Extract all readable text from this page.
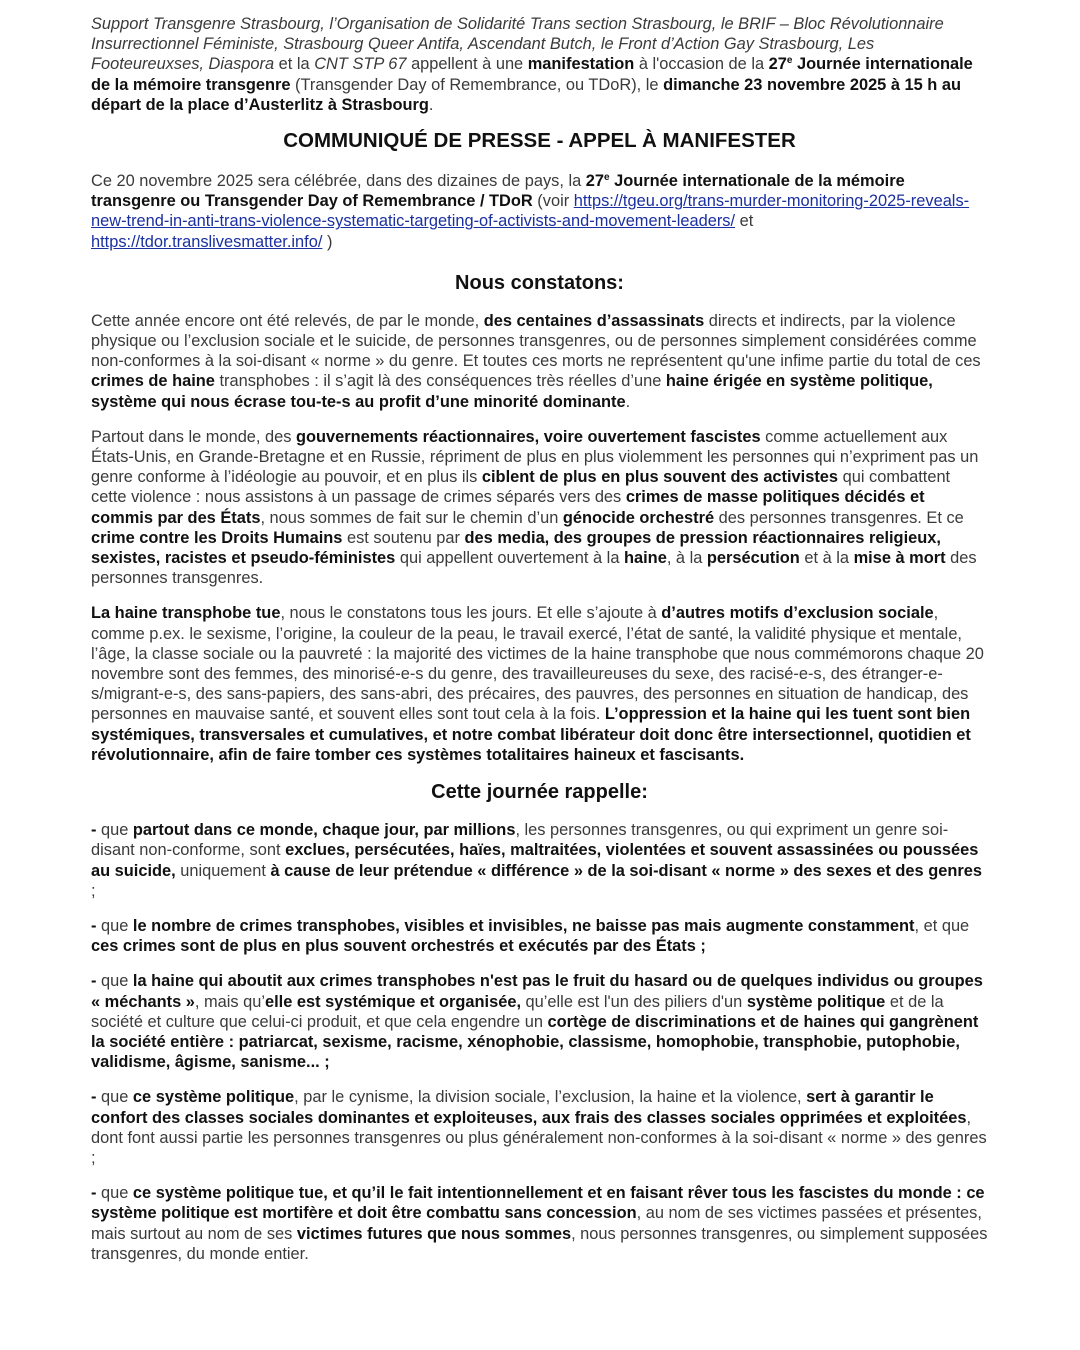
Support Transgenre Strasbourg, l’Organisation de Solidarité Trans section Strasbourg, le BRIF – Bloc Révolutionnaire Insurrectionnel Féministe, Strasbourg Queer Antifa, Ascendant Butch, le Front d’Action Gay Strasbourg, Les Footeureuxses, Diaspora et la CNT STP 67 appellent à une manifestation à l'occasion de la 27e Journée internationale de la mémoire transgenre (Transgender Day of Remembrance, ou TDoR), le dimanche 23 novembre 2025 à 15 h au départ de la place d’Austerlitz à Strasbourg.

COMMUNIQUÉ DE PRESSE - APPEL À MANIFESTER

Ce 20 novembre 2025 sera célébrée, dans des dizaines de pays, la 27e Journée internationale de la mémoire transgenre ou Transgender Day of Remembrance / TDoR (voir https://tgeu.org/trans-murder-monitoring-2025-reveals-new-trend-in-anti-trans-violence-systematic-targeting-of-activists-and-movement-leaders/ et https://tdor.translivesmatter.info/ )

Nous constatons:

Cette année encore ont été relevés, de par le monde, des centaines d’assassinats directs et indirects, par la violence physique ou l’exclusion sociale et le suicide, de personnes transgenres, ou de personnes simplement considérées comme non-conformes à la soi-disant « norme » du genre. Et toutes ces morts ne représentent qu'une infime partie du total de ces crimes de haine transphobes : il s’agit là des conséquences très réelles d’une haine érigée en système politique, système qui nous écrase tou-te-s au profit d’une minorité dominante.

Partout dans le monde, des gouvernements réactionnaires, voire ouvertement fascistes comme actuellement aux États-Unis, en Grande-Bretagne et en Russie, répriment de plus en plus violemment les personnes qui n’expriment pas un genre conforme à l’idéologie au pouvoir, et en plus ils ciblent de plus en plus souvent des activistes qui combattent cette violence : nous assistons à un passage de crimes séparés vers des crimes de masse politiques décidés et commis par des États, nous sommes de fait sur le chemin d’un génocide orchestré des personnes transgenres. Et ce crime contre les Droits Humains est soutenu par des media, des groupes de pression réactionnaires religieux, sexistes, racistes et pseudo-féministes qui appellent ouvertement à la haine, à la persécution et à la mise à mort des personnes transgenres.

La haine transphobe tue, nous le constatons tous les jours. Et elle s’ajoute à d’autres motifs d’exclusion sociale, comme p.ex. le sexisme, l’origine, la couleur de la peau, le travail exercé, l’état de santé, la validité physique et mentale, l’âge, la classe sociale ou la pauvreté : la majorité des victimes de la haine transphobe que nous commémorons chaque 20 novembre sont des femmes, des minorisé-e-s du genre, des travailleureuses du sexe, des racisé-e-s, des étranger-e-s/migrant-e-s, des sans-papiers, des sans-abri, des précaires, des pauvres, des personnes en situation de handicap, des personnes en mauvaise santé, et souvent elles sont tout cela à la fois. L’oppression et la haine qui les tuent sont bien systémiques, transversales et cumulatives, et notre combat libérateur doit donc être intersectionnel, quotidien et révolutionnaire, afin de faire tomber ces systèmes totalitaires haineux et fascisants.

Cette journée rappelle:

- que partout dans ce monde, chaque jour, par millions, les personnes transgenres, ou qui expriment un genre soi-disant non-conforme, sont exclues, persécutées, haïes, maltraitées, violentées et souvent assassinées ou poussées au suicide, uniquement à cause de leur prétendue « différence » de la soi-disant « norme » des sexes et des genres ;

- que le nombre de crimes transphobes, visibles et invisibles, ne baisse pas mais augmente constamment, et que ces crimes sont de plus en plus souvent orchestrés et exécutés par des États ;

- que la haine qui aboutit aux crimes transphobes n'est pas le fruit du hasard ou de quelques individus ou groupes « méchants », mais qu’elle est systémique et organisée, qu’elle est l'un des piliers d'un système politique et de la société et culture que celui-ci produit, et que cela engendre un cortège de discriminations et de haines qui gangrènent la société entière : patriarcat, sexisme, racisme, xénophobie, classisme, homophobie, transphobie, putophobie, validisme, âgisme, sanisme... ;

- que ce système politique, par le cynisme, la division sociale, l’exclusion, la haine et la violence, sert à garantir le confort des classes sociales dominantes et exploiteuses, aux frais des classes sociales opprimées et exploitées, dont font aussi partie les personnes transgenres ou plus généralement non-conformes à la soi-disant « norme » des genres ;

- que ce système politique tue, et qu’il le fait intentionnellement et en faisant rêver tous les fascistes du monde : ce système politique est mortifère et doit être combattu sans concession, au nom de ses victimes passées et présentes, mais surtout au nom de ses victimes futures que nous sommes, nous personnes transgenres, ou simplement supposées transgenres, du monde entier.
